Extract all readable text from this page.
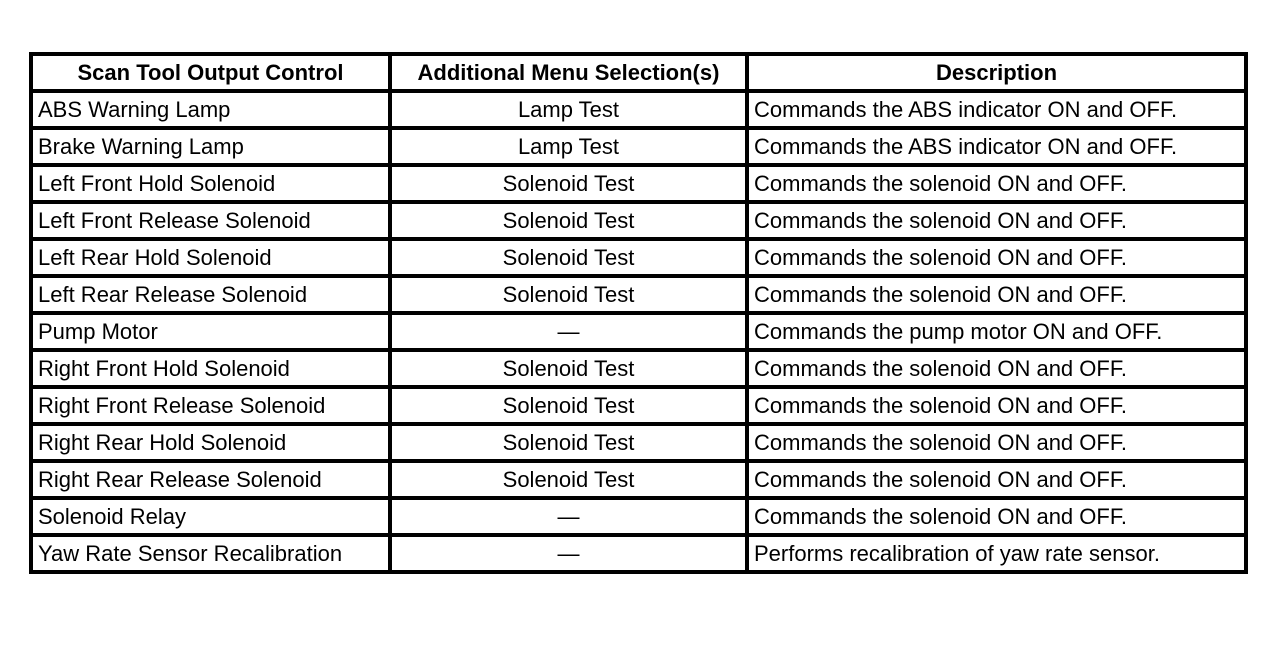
Scan Tool Output Control	Additional Menu Selection(s)	Description
ABS Warning Lamp	Lamp Test	Commands the ABS indicator ON and OFF.
Brake Warning Lamp	Lamp Test	Commands the ABS indicator ON and OFF.
Left Front Hold Solenoid	Solenoid Test	Commands the solenoid ON and OFF.
Left Front Release Solenoid	Solenoid Test	Commands the solenoid ON and OFF.
Left Rear Hold Solenoid	Solenoid Test	Commands the solenoid ON and OFF.
Left Rear Release Solenoid	Solenoid Test	Commands the solenoid ON and OFF.
Pump Motor	—	Commands the pump motor ON and OFF.
Right Front Hold Solenoid	Solenoid Test	Commands the solenoid ON and OFF.
Right Front Release Solenoid	Solenoid Test	Commands the solenoid ON and OFF.
Right Rear Hold Solenoid	Solenoid Test	Commands the solenoid ON and OFF.
Right Rear Release Solenoid	Solenoid Test	Commands the solenoid ON and OFF.
Solenoid Relay	—	Commands the solenoid ON and OFF.
Yaw Rate Sensor Recalibration	—	Performs recalibration of yaw rate sensor.
